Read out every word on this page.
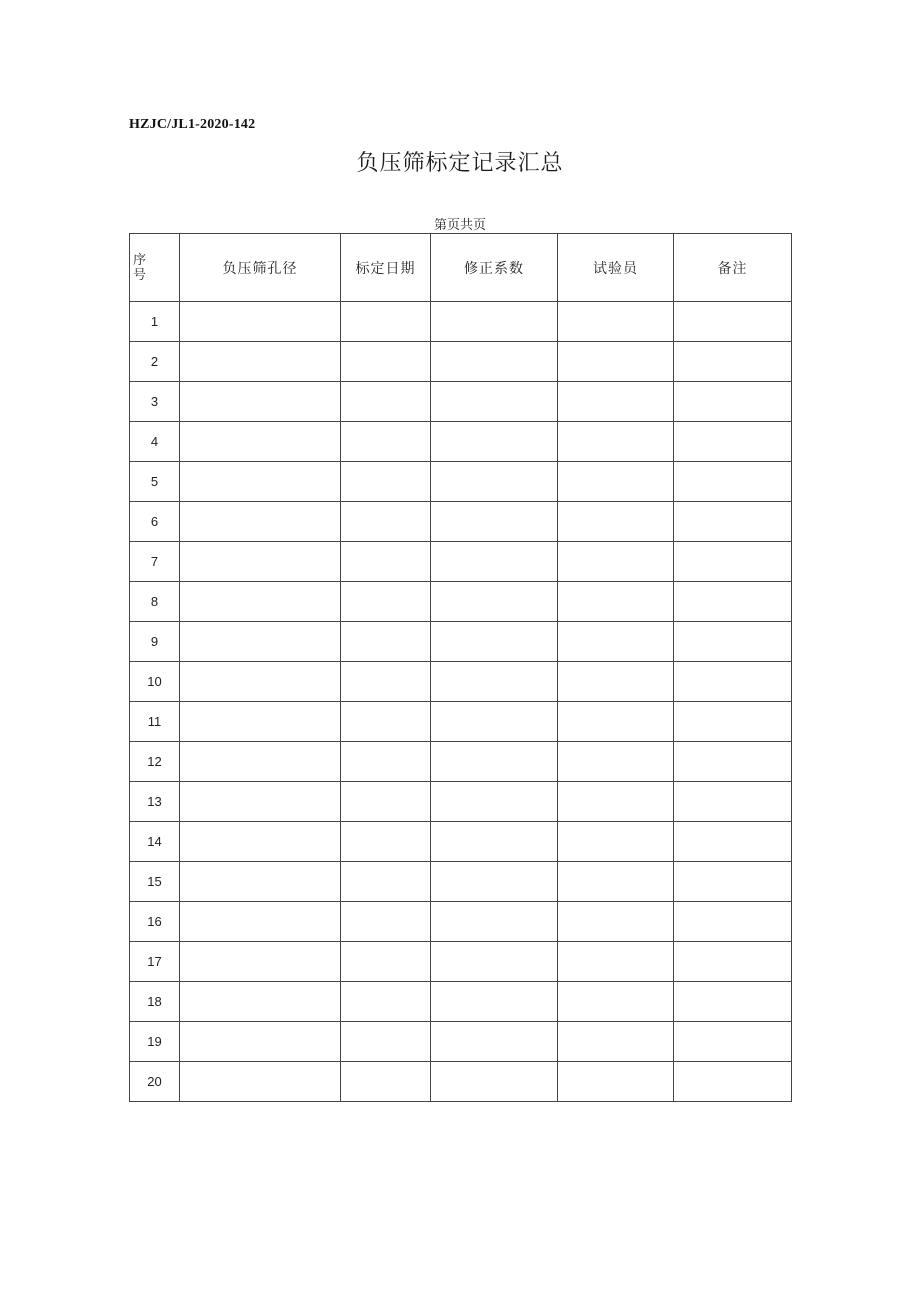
HZJC/JL1-2020-142
负压筛标定记录汇总
第页共页
序号	负压筛孔径	标定日期	修正系数	试验员	备注
1					
2					
3					
4					
5					
6					
7					
8					
9					
10					
11					
12					
13					
14					
15					
16					
17					
18					
19					
20					
